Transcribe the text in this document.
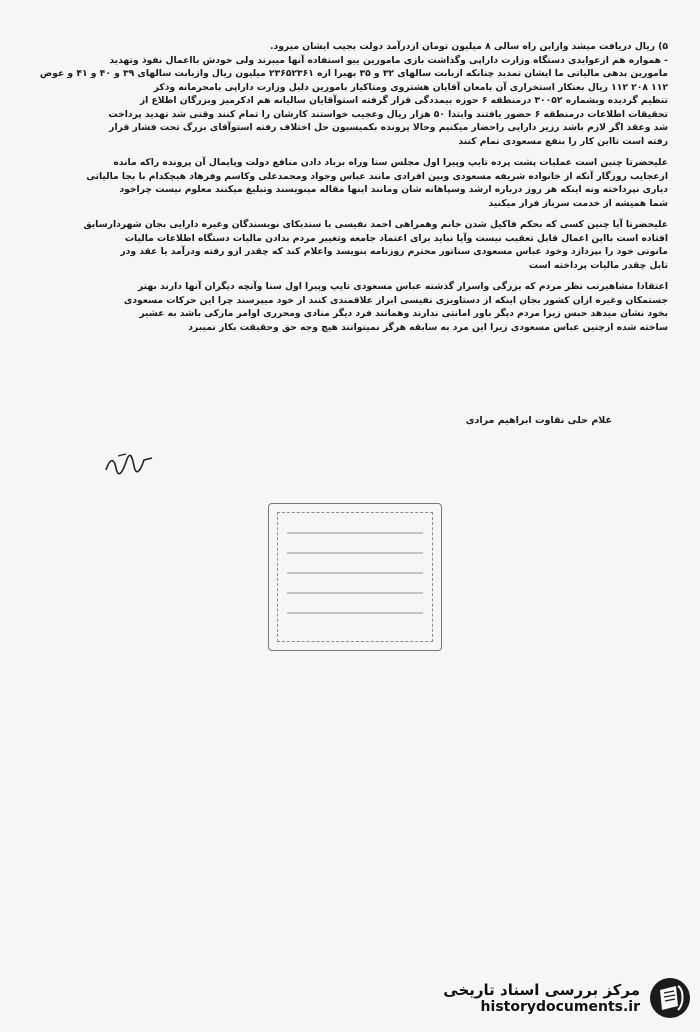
۵) ریال دریافت میشد وازاین راه سالی ۸ میلیون تومان ازدرآمد دولت بجیب ایشان میرود.
- همواره هم ازعوایدی دستگاه وزارت داراپی وگذاشت بازی مامورین ییو استفاده آنها میبرند ولی خودش بااعمال نفوذ وتهدید
مامورین بدهی مالیاتی ما ایشان تمدید چنانکه ازبابت سالهای ۳۲ و ۳۵ بهبرا ازه ۲۳۶۵۲۳۶۱ میلیون ریال وازبابت سالهای ۳۹ و ۴۰ و ۴۱ و عوض
۱۱۲ ۲۰۸ ۱۱۲ ریال بعنکار استخراری آن بامعان آقایان هشتروی ومتاکیار بامورین دلیل وزارت داراپی بامحرمانه وذکر
تنظیم گردیده وبشماره ۳۰۰۵۲ درمنطقه ۶ حوزه بیمددگی قرار گرفته استوآقایان سالیانه هم ادکرمیز وبزرگان اطلاع از
تحقیقات اطلاعات درمنطقه ۶ حضور یافتند وابتدا ۵۰ هزار ریال وعجیب خواستند کارشان را تمام کنند وقتی شد تهدید پرداخت
شد وعقد اگر لازم باشد رزیر دارایی راحضار میکنیم وحالا پرونده بکمیسیون حل اختلاف رفته استوآقای بزرگ تحت فشار قرار
رفته است تااین کار را بنفع مسعودی تمام کنند
علیحضرتا چنین است عملیات پشت پرده تایپ وپیرا اول مجلس سنا وراه برباد دادن منافع دولت وپایمال آن پرونده راکه مانده
ازعجایب روزگار آنکه از خانواده شریفه مسعودی وبین افرادی مانند عباس وجواد ومحمدعلی وکاسم وفرهاد هیچکدام با بجا مالیاتی
دیاری نپرداخته ونه اینکه هر روز درباره ارشد وسپاهانه شان ومانند اینها مقاله مینویسند وتبلیغ میکنند معلوم نیست چراخود
شما همیشه از خدمت سرباز فرار میکنید
علیحضرتا آیا چنین کسی که بحکم فاکیل شدن خانم وهمراهی احمد نفیسی با سندیکای نویسندگان وغیره دارایی بجان شهردارسابق
افتاده است بااین اعمال قابل تعقیب نیست وآیا نباید برای اعتماد جامعه وتغییر مردم بدادن مالیات دستگاه اطلاعات مالیات
مانونی خود را بپردازد وخود عباس مسعودی سناتور محترم روزنامه بنویسد واعلام کند که چقدر ازو رفته ودرآمد یا عقد ودر
تابل چقدر مالیات پرداخته است
اعتقادا مشاهیرتب نظر مردم که بزرگی واسرار گذشته عباس مسعودی تایپ وپیرا اول سنا وآنچه دیگران آنها دارند بهتر
جستمکان وغیره ازان کشور بجان اینکه از دستاویزی نفیسی ابراز علاقمندی کنند از خود میپرسند چرا این حرکات مسعودی
بخود نشان میدهد حبس زیرا مردم دیگر باور امانتی ندارند وهمانند فرد دیگر منادی ومحرری اوامر مارکی باشد به عشیر
ساخته شده ازچنین عباس مسعودی زیرا این مرد به سابقه هرگز نمیتوانند هیچ وجه حق وحقیقت بکار نمیبرد
غلام حلی نقاوت ابراهیم مرادی
مرکز بررسی اسناد تاریخی
historydocuments.ir
